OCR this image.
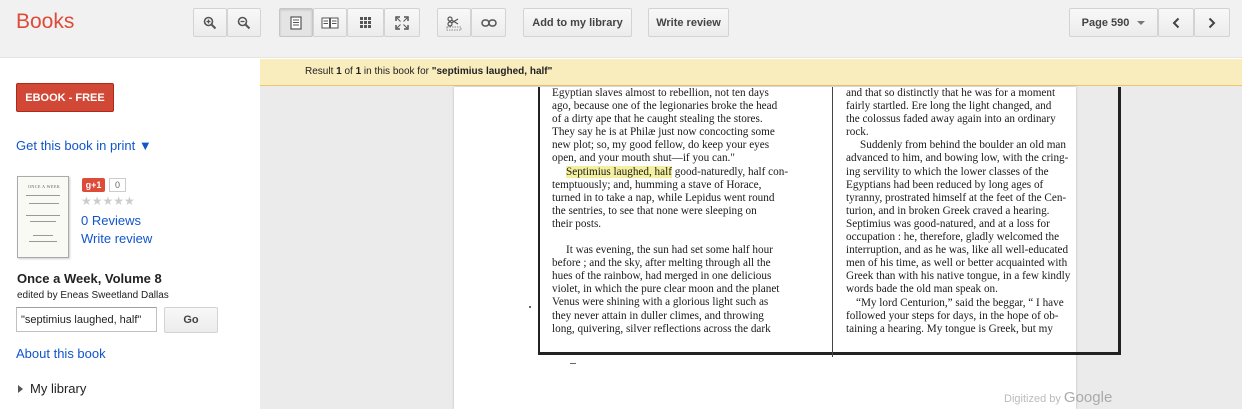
Books	Add to my library	Write review	Page 590
EBOOK - FREE
Get this book in print ▼
ONCE A WEEK	g+1	0
★★★★★
0 Reviews
Write review
Once a Week, Volume 8
edited by Eneas Sweetland Dallas
"septimius laughed, half"
Go
About this book
My library
Result 1 of 1 in this book for "septimius laughed, half"
Egyptian slaves almost to rebellion, not ten days
ago, because one of the legionaries broke the head
of a dirty ape that he caught stealing the stores.
They say he is at Philæ just now concocting some
new plot; so, my good fellow, do keep your eyes
open, and your mouth shut—if you can."
Septimius laughed, half good-naturedly, half con-
temptuously; and, humming a stave of Horace,
turned in to take a nap, while Lepidus went round
the sentries, to see that none were sleeping on
their posts.
It was evening, the sun had set some half hour
before ; and the sky, after melting through all the
hues of the rainbow, had merged in one delicious
violet, in which the pure clear moon and the planet
Venus were shining with a glorious light such as
they never attain in duller climes, and throwing
long, quivering, silver reflections across the dark
and that so distinctly that he was for a moment
fairly startled. Ere long the light changed, and
the colossus faded away again into an ordinary
rock.
Suddenly from behind the boulder an old man
advanced to him, and bowing low, with the cring-
ing servility to which the lower classes of the
Egyptians had been reduced by long ages of
tyranny, prostrated himself at the feet of the Cen-
turion, and in broken Greek craved a hearing.
Septimius was good-natured, and at a loss for
occupation : he, therefore, gladly welcomed the
interruption, and as he was, like all well-educated
men of his time, as well or better acquainted with
Greek than with his native tongue, in a few kindly
words bade the old man speak on.
“My lord Centurion,” said the beggar, “ I have
followed your steps for days, in the hope of ob-
taining a hearing. My tongue is Greek, but my
Digitized by Google
